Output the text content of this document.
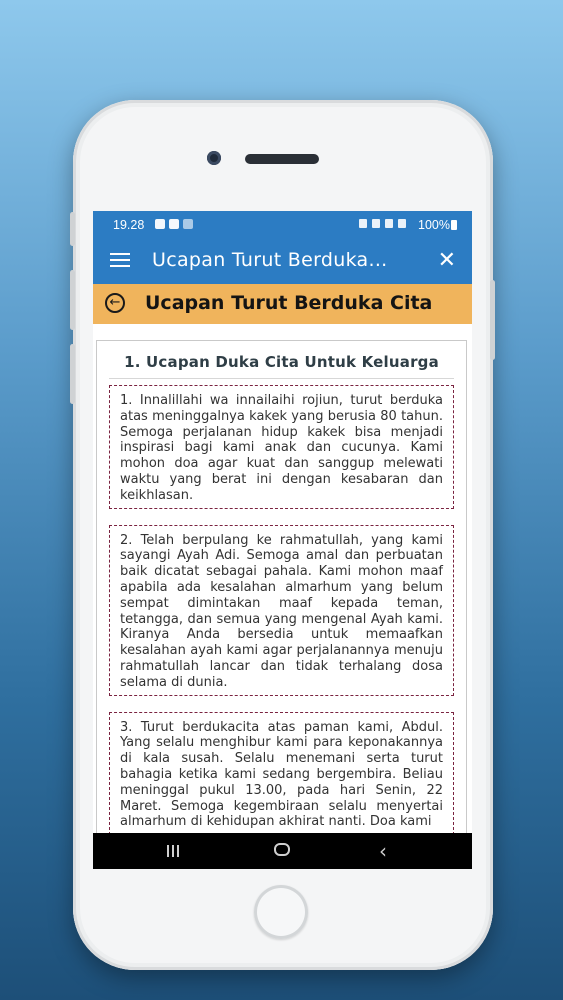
19.28	100%
Ucapan Turut Berduka... ✕
← Ucapan Turut Berduka Cita
1. Ucapan Duka Cita Untuk Keluarga
1. Innalillahi wa innailaihi rojiun, turut berduka atas meninggalnya kakek yang berusia 80 tahun. Semoga perjalanan hidup kakek bisa menjadi inspirasi bagi kami anak dan cucunya. Kami mohon doa agar kuat dan sanggup melewati waktu yang berat ini dengan kesabaran dan keikhlasan.
2. Telah berpulang ke rahmatullah, yang kami sayangi Ayah Adi. Semoga amal dan perbuatan baik dicatat sebagai pahala. Kami mohon maaf apabila ada kesalahan almarhum yang belum sempat dimintakan maaf kepada teman, tetangga, dan semua yang mengenal Ayah kami. Kiranya Anda bersedia untuk memaafkan kesalahan ayah kami agar perjalanannya menuju rahmatullah lancar dan tidak terhalang dosa selama di dunia.
3. Turut berdukacita atas paman kami, Abdul. Yang selalu menghibur kami para keponakannya di kala susah. Selalu menemani serta turut bahagia ketika kami sedang bergembira. Beliau meninggal pukul 13.00, pada hari Senin, 22 Maret. Semoga kegembiraan selalu menyertai almarhum di kehidupan akhirat nanti. Doa kami
‹
